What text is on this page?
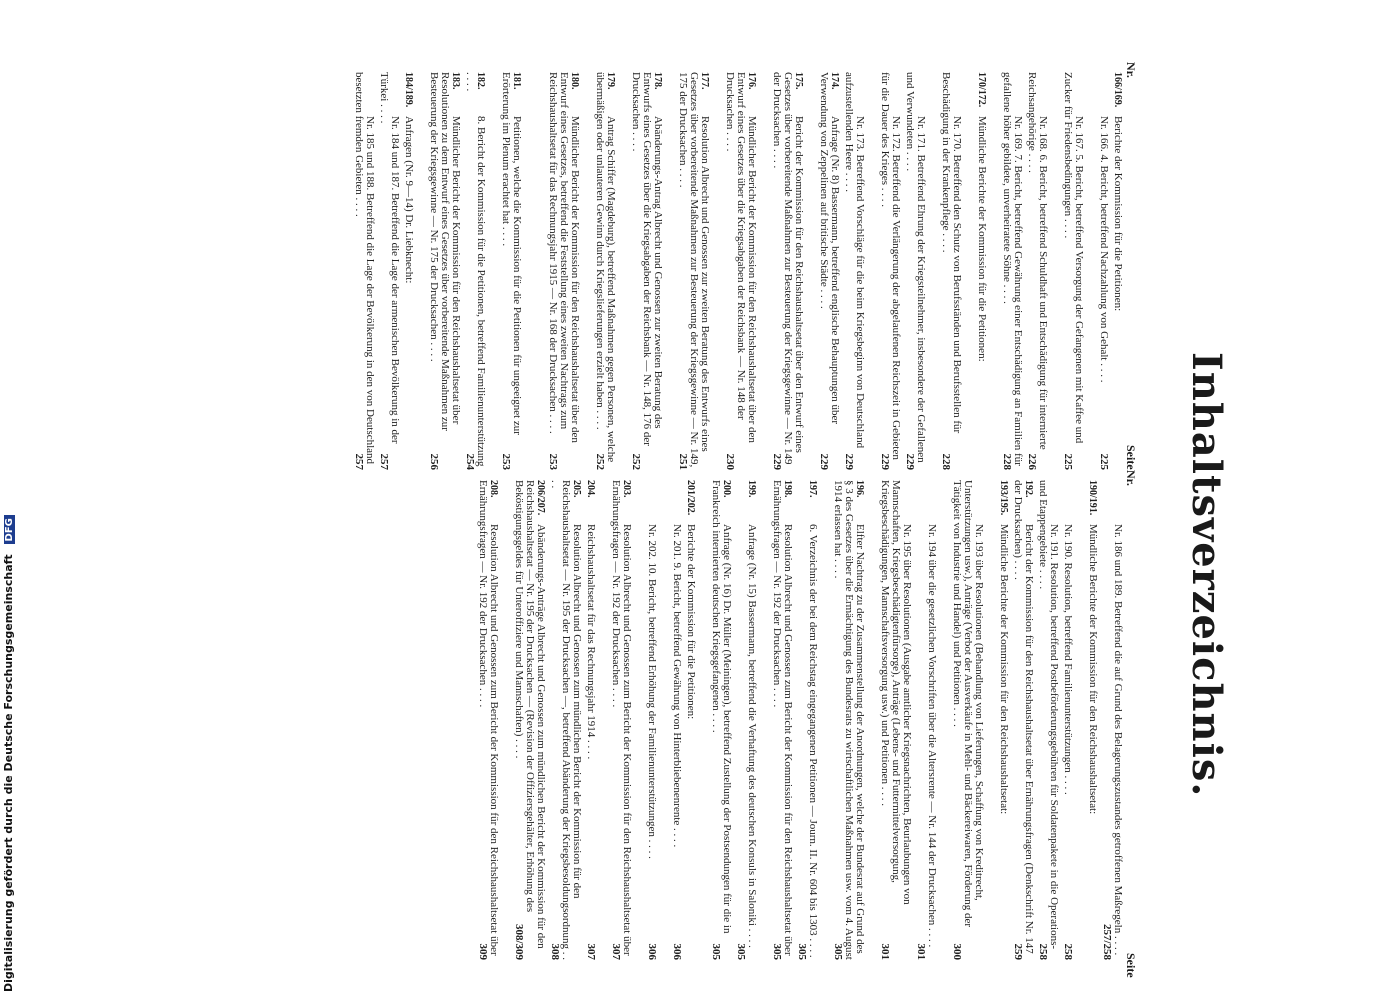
Inhaltsverzeichnis.
Nr.
Seite
Nr.
Seite
166/169.Berichte der Kommission für die Petitionen:
Nr. 166. 4. Bericht, betreffend Nachzahlung von Gehalt . . . .
225
Nr. 167. 5. Bericht, betreffend Versorgung der Gefangenen mit Kaffee und Zucker für Friedensbedingungen . . . .
225
Nr. 168. 6. Bericht, betreffend Schuldhaft und Entschädigung für internierte Reichsangehörige . . . .
226
Nr. 169. 7. Bericht, betreffend Gewährung einer Entschädigung an Familien für gefallene höher gebildete, unverheiratete Söhne . . . .
228
170/172.Mündliche Berichte der Kommission für die Petitionen:
Nr. 170. Betreffend den Schutz von Berufsständen und Berufsstellen für Beschädigung in der Krankenpflege . . . .
228
Nr. 171. Betreffend Ehrung der Kriegsteilnehmer, insbesondere der Gefallenen und Verwundeten . . . .
229
Nr. 172. Betreffend die Verlängerung der abgelaufenen Reichszeit in Gebieten für die Dauer des Krieges . . . .
229
Nr. 173. Betreffend Vorschläge für die beim Kriegsbeginn von Deutschland aufzustellenden Heere . . . .
229
174.Anfrage (Nr. 8) Bassermann, betreffend englische Behauptungen über Verwendung von Zeppelinen auf britische Städte . . . .
229
175.Bericht der Kommission für den Reichshaushaltsetat über den Entwurf eines Gesetzes über vorbereitende Maßnahmen zur Besteuerung der Kriegsgewinne — Nr. 149 der Drucksachen . . . .
229
176.Mündlicher Bericht der Kommission für den Reichshaushaltsetat über den Entwurf eines Gesetzes über die Kriegsabgaben der Reichsbank — Nr. 148 der Drucksachen . . . .
230
177.Resolution Albrecht und Genossen zur zweiten Beratung des Entwurfs eines Gesetzes über vorbereitende Maßnahmen zur Besteuerung der Kriegsgewinne — Nr. 149, 175 der Drucksachen . . . .
251
178.Abänderungs-Antrag Albrecht und Genossen zur zweiten Beratung des Entwurfs eines Gesetzes über die Kriegsabgaben der Reichsbank — Nr. 148, 176 der Drucksachen . . . .
252
179.Antrag Schiffer (Magdeburg), betreffend Maßnahmen gegen Personen, welche übermäßigen oder unlauteren Gewinn durch Kriegslieferungen erzielt haben . . . .
252
180.Mündlicher Bericht der Kommission für den Reichshaushaltsetat über den Entwurf eines Gesetzes, betreffend die Feststellung eines zweiten Nachtrags zum Reichshaushaltsetat für das Rechnungsjahr 1915 — Nr. 168 der Drucksachen . . . .
253
181.Petitionen, welche die Kommission für die Petitionen für ungeeignet zur Erörterung im Plenum erachtet hat . . . .
253
182.8. Bericht der Kommission für die Petitionen, betreffend Familienunterstützung . . . .
254
183.Mündlicher Bericht der Kommission für den Reichshaushaltsetat über Resolutionen zu dem Entwurf eines Gesetzes über vorbereitende Maßnahmen zur Besteuerung der Kriegsgewinne — Nr. 175 der Drucksachen . . . .
256
184/189.Anfragen (Nr. 9—14) Dr. Liebknecht:
Nr. 184 und 187. Betreffend die Lage der armenischen Bevölkerung in der Türkei . . . .
257
Nr. 185 und 188. Betreffend die Lage der Bevölkerung in den von Deutschland besetzten fremden Gebieten . . . .
257
Nr. 186 und 189. Betreffend die auf Grund des Belagerungszustandes getroffenen Maßregeln . . . .
257/258
190/191.Mündliche Berichte der Kommission für den Reichshaushaltsetat:
Nr. 190. Resolution, betreffend Familienunterstützungen . . . .
258
Nr. 191. Resolution, betreffend Postbeförderungsgebühren für Soldatenpakete in die Operations- und Etappengebiete . . . .
258
192.Bericht der Kommission für den Reichshaushaltsetat über Ernährungsfragen (Denkschrift Nr. 147 der Drucksachen) . . . .
259
193/195.Mündliche Berichte der Kommission für den Reichshaushaltsetat:
Nr. 193 über Resolutionen (Behandlung von Lieferungen, Schaffung von Kreditrecht, Unterstützungen usw.), Anträge (Verbot der Ausverkäufe in Mehl- und Bäckereiwaren, Förderung der Tätigkeit von Industrie und Handel) und Petitionen . . . .
300
Nr. 194 über die gesetzlichen Vorschriften über die Altersrente — Nr. 144 der Drucksachen . . . .
301
Nr. 195 über Resolutionen (Ausgabe amtlicher Kriegsnachrichten, Beurlaubungen von Mannschaften, Kriegsbeschädigtenfürsorge), Anträge (Lebens- und Futtermittelversorgung, Kriegsbeschädigungen, Mannschaftsversorgung usw.) und Petitionen . . . .
301
196.Elfter Nachtrag zu der Zusammenstellung der Anordnungen, welche der Bundesrat auf Grund des § 3 des Gesetzes über die Ermächtigung des Bundesrats zu wirtschaftlichen Maßnahmen usw. vom 4. August 1914 erlassen hat . . . .
305
197.6. Verzeichnis der bei dem Reichstag eingegangenen Petitionen — Journ. II. Nr. 604 bis 1303 . . . .
305
198.Resolution Albrecht und Genossen zum Bericht der Kommission für den Reichshaushaltsetat über Ernährungsfragen — Nr. 192 der Drucksachen . . . .
305
199.Anfrage (Nr. 15) Bassermann, betreffend die Verhaftung des deutschen Konsuls in Saloniki . . . .
305
200.Anfrage (Nr. 16) Dr. Müller (Meiningen), betreffend Zustellung der Postsendungen für die in Frankreich internierten deutschen Kriegsgefangenen . . . .
305
201/202.Berichte der Kommission für die Petitionen:
Nr. 201. 9. Bericht, betreffend Gewährung von Hinterbliebenenrente . . . .
306
Nr. 202. 10. Bericht, betreffend Erhöhung der Familienunterstützungen . . . .
306
203.Resolution Albrecht und Genossen zum Bericht der Kommission für den Reichshaushaltsetat über Ernährungsfragen — Nr. 192 der Drucksachen . . . .
307
204.Reichshaushaltsetat für das Rechnungsjahr 1914 . . . .
307
205.Resolution Albrecht und Genossen zum mündlichen Bericht der Kommission für den Reichshaushaltsetat — Nr. 195 der Drucksachen —, betreffend Abänderung der Kriegsbesoldungsordnung . . . .
308
206/207.Abänderungs-Anträge Albrecht und Genossen zum mündlichen Bericht der Kommission für den Reichshaushaltsetat — Nr. 195 der Drucksachen — (Revision der Offiziersgehälter, Erhöhung des Beköstigungsgeldes für Unteroffiziere und Mannschaften) . . . .
308/309
208.Resolution Albrecht und Genossen zum Bericht der Kommission für den Reichshaushaltsetat über Ernährungsfragen — Nr. 192 der Drucksachen . . . .
309
Digitalisierung gefördert durch die Deutsche Forschungsgemeinschaft DFG
